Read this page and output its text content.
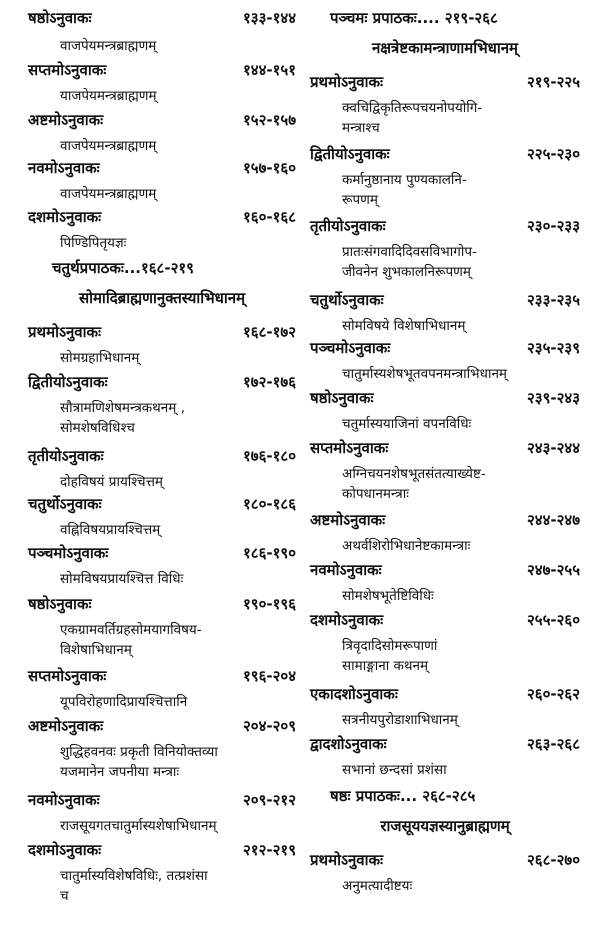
षष्ठोऽनुवाकः	१३३-१४४
वाजपेयमन्त्रब्राह्मणम्
सप्तमोऽनुवाकः	१४४-१५१
याजपेयमन्त्रब्राह्मणम्
अष्टमोऽनुवाकः	१५२-१५७
वाजपेयमन्त्रब्राह्मणम्
नवमोऽनुवाकः	१५७-१६०
वाजपेयमन्त्रब्राह्मणम्
दशमोऽनुवाकः	१६०-१६८
पिण्डिपितृयज्ञः
चतुर्थप्रपाठकः...१६८-२१९
सोमादिब्राह्मणानुक्तस्याभिधानम्
प्रथमोऽनुवाकः	१६८-१७२
सोमग्रहाभिधानम्
द्वितीयोऽनुवाकः	१७२-१७६
सौत्रामणिशेषमन्त्रकथनम् ,
सोमशेषविधिश्च
तृतीयोऽनुवाकः	१७६-१८०
दोहविषयं प्रायश्चित्तम्
चतुर्थोऽनुवाकः	१८०-१८६
वह्निविषयप्रायश्चित्तम्
पञ्चमोऽनुवाकः	१८६-१९०
सोमविषयप्रायश्चित्त विधिः
षष्ठोऽनुवाकः	१९०-१९६
एकग्रामवर्तिग्रहसोमयागविषय-
विशेषाभिधानम्
सप्तमोऽनुवाकः	१९६-२०४
यूपविरोहणादिप्रायश्चित्तानि
अष्टमोऽनुवाकः	२०४-२०९
शुद्धिहवनवः प्रकृती विनियोक्तव्या
यजमानेन जपनीया मन्त्राः
नवमोऽनुवाकः	२०९-२१२
राजसूयगतचातुर्मास्यशेषाभिधानम्
दशमोऽनुवाकः	२१२-२१९
चातुर्मास्यविशेषविधिः, तत्प्रशंसा
च
पञ्चमः प्रपाठकः.... २१९-२६८
नक्षत्रेष्टकामन्त्राणामभिधानम्
प्रथमोऽनुवाकः	२१९-२२५
क्वचिद्विकृतिरूपचयनोपयोगि-
मन्त्राश्च
द्वितीयोऽनुवाकः	२२५-२३०
कर्मानुष्ठानाय पुण्यकालनि-
रूपणम्
तृतीयोऽनुवाकः	२३०-२३३
प्रातःसंगवादिदिवसविभागोप-
जीवनेन शुभकालनिरूपणम्
चतुर्थोऽनुवाकः	२३३-२३५
सोमविषये विशेषाभिधानम्
पञ्चमोऽनुवाकः	२३५-२३९
चातुर्मास्यशेषभूतवपनमन्त्राभिधानम्
षष्ठोऽनुवाकः	२३९-२४३
चतुर्मास्ययाजिनां वपनविधिः
सप्तमोऽनुवाकः	२४३-२४४
अग्निचयनशेषभूतसंतत्याख्येष्ट-
कोपधानमन्त्राः
अष्टमोऽनुवाकः	२४४-२४७
अथर्वशिरोभिधानेष्टकामन्त्राः
नवमोऽनुवाकः	२४७-२५५
सोमशेषभूतेष्टिविधिः
दशमोऽनुवाकः	२५५-२६०
त्रिवृदादिसोमरूपाणां
सामाङ्गाना कथनम्
एकादशोऽनुवाकः	२६०-२६२
सत्रनीयपुरोडाशाभिधानम्
द्वादशोऽनुवाकः	२६३-२६८
सभानां छन्दसां प्रशंसा
षष्ठः प्रपाठकः... २६८-२८५
राजसूययज्ञस्यानुब्राह्मणम्
प्रथमोऽनुवाकः	२६८-२७०
अनुमत्यादीष्टयः
